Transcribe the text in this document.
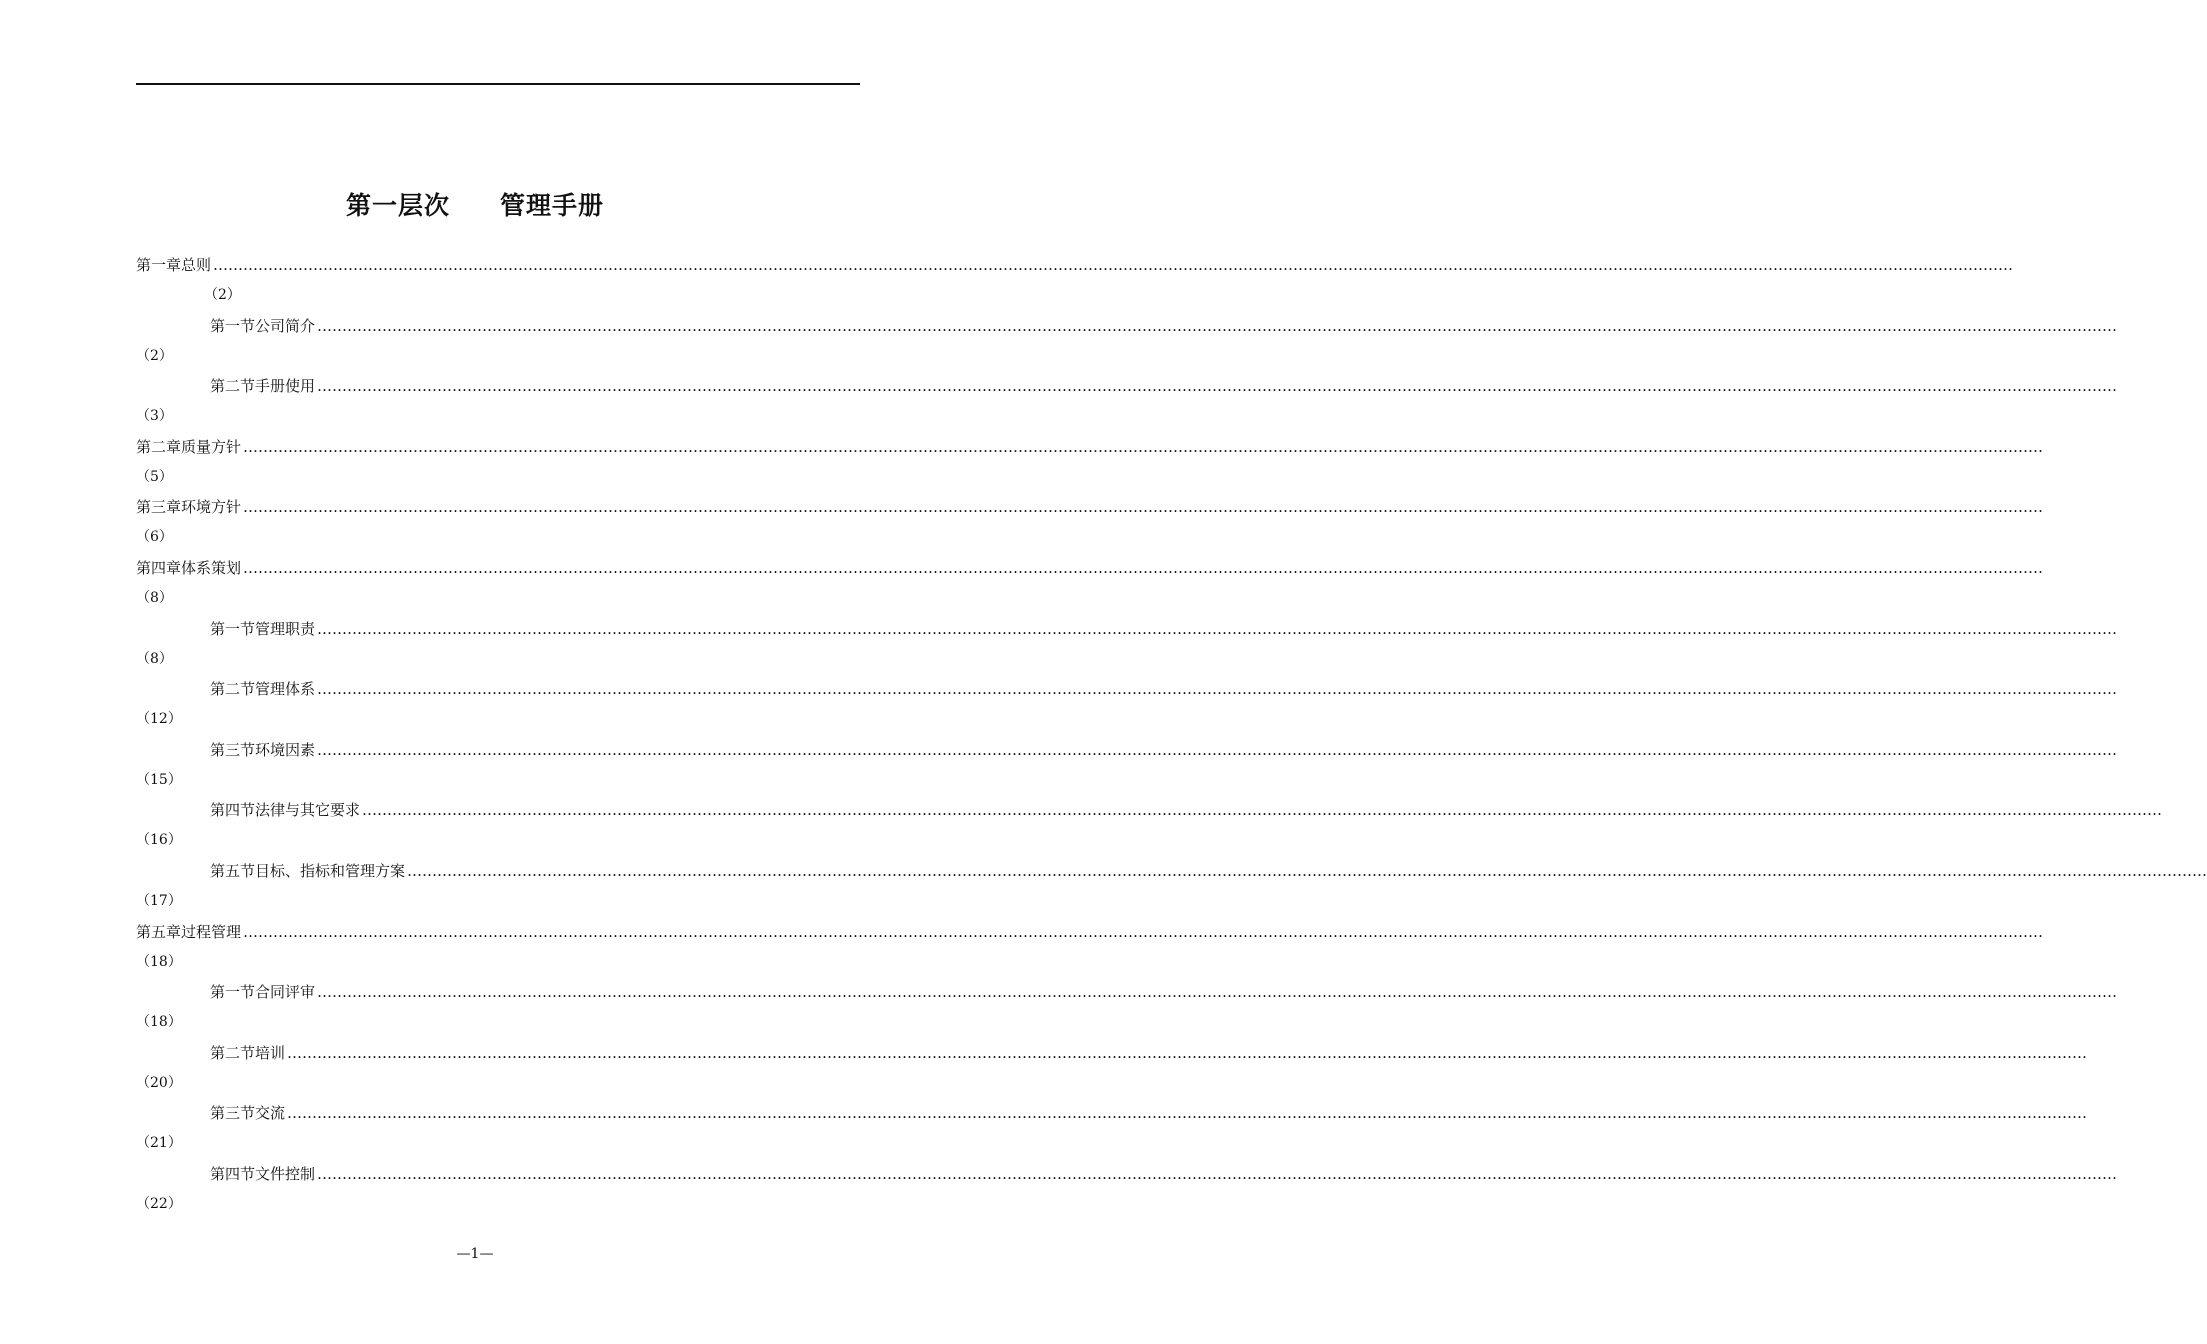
第一层次 管理手册
第一章 总则 ………………………………………………………………………………………………………………………………………………………………………………………………………………………………………………………………………………………………………………………………
（2）
第一节 公司简介 ………………………………………………………………………………………………………………………………………………………………………………………………………………………………………………………………………………………………………………………………
（2）
第二节 手册使用 ………………………………………………………………………………………………………………………………………………………………………………………………………………………………………………………………………………………………………………………………
（3）
第二章 质量方针 ………………………………………………………………………………………………………………………………………………………………………………………………………………………………………………………………………………………………………………………………
（5）
第三章 环境方针 ………………………………………………………………………………………………………………………………………………………………………………………………………………………………………………………………………………………………………………………………
（6）
第四章 体系策划 ………………………………………………………………………………………………………………………………………………………………………………………………………………………………………………………………………………………………………………………………
（8）
第一节 管理职责 ………………………………………………………………………………………………………………………………………………………………………………………………………………………………………………………………………………………………………………………………
（8）
第二节 管理体系 ………………………………………………………………………………………………………………………………………………………………………………………………………………………………………………………………………………………………………………………………
（12）
第三节 环境因素 ………………………………………………………………………………………………………………………………………………………………………………………………………………………………………………………………………………………………………………………………
（15）
第四节 法律与其它要求 ………………………………………………………………………………………………………………………………………………………………………………………………………………………………………………………………………………………………………………………………
（16）
第五节 目标、指标和管理方案 ………………………………………………………………………………………………………………………………………………………………………………………………………………………………………………………………………………………………………………………………
（17）
第五章 过程管理 ………………………………………………………………………………………………………………………………………………………………………………………………………………………………………………………………………………………………………………………………
（18）
第一节 合同评审 ………………………………………………………………………………………………………………………………………………………………………………………………………………………………………………………………………………………………………………………………
（18）
第二节 培训 ………………………………………………………………………………………………………………………………………………………………………………………………………………………………………………………………………………………………………………………………
（20）
第三节 交流 ………………………………………………………………………………………………………………………………………………………………………………………………………………………………………………………………………………………………………………………………
（21）
第四节 文件控制 ………………………………………………………………………………………………………………………………………………………………………………………………………………………………………………………………………………………………………………………………
（22）
—1—
